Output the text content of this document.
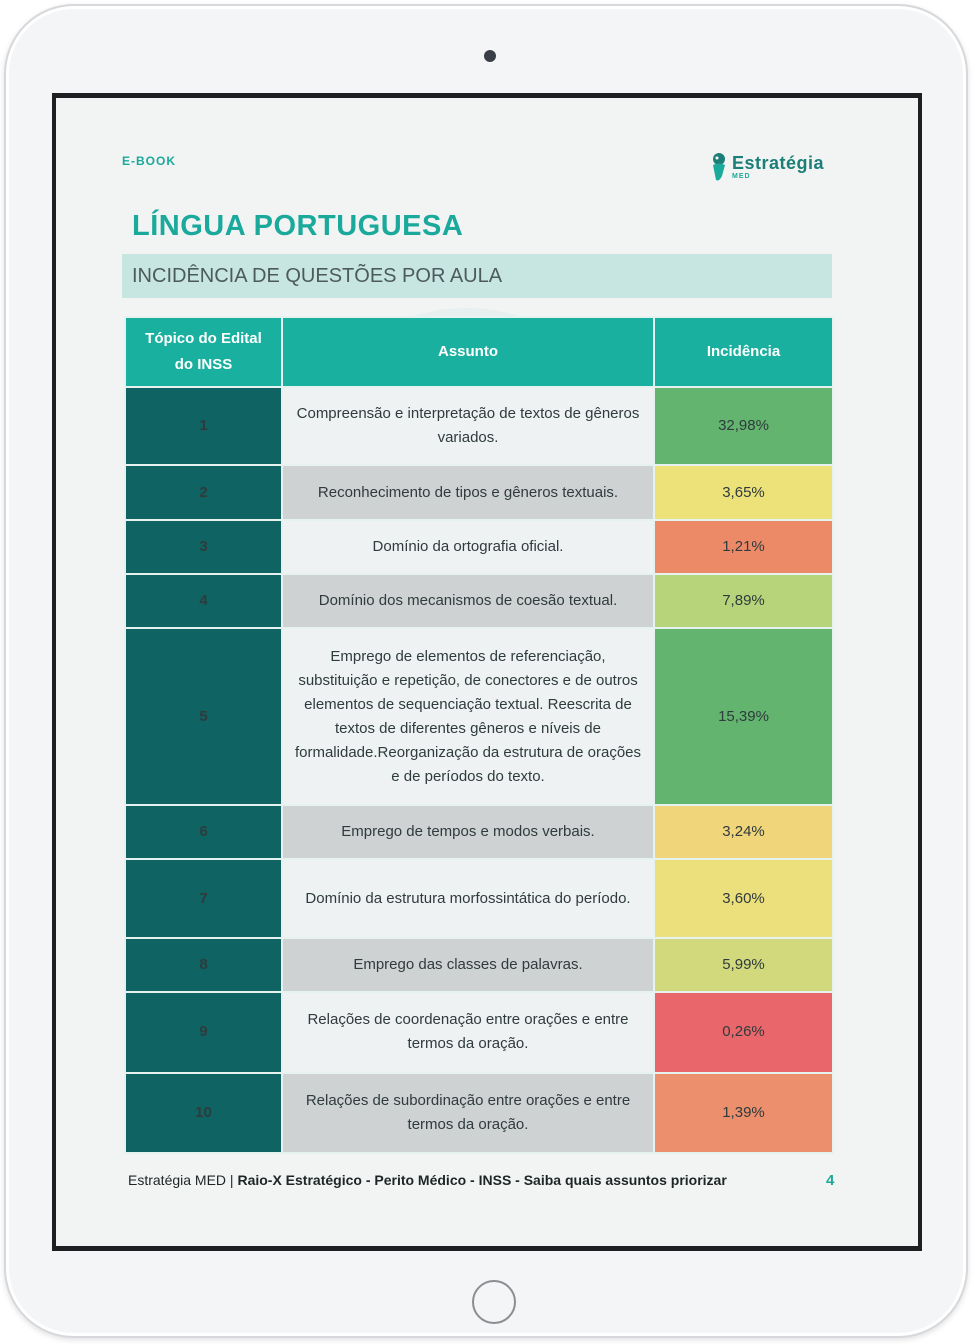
E-BOOK	Estratégia
MED
LÍNGUA PORTUGUESA
INCIDÊNCIA DE QUESTÕES POR AULA
Tópico do Edital do INSS	Assunto	Incidência
1	Compreensão e interpretação de textos de gêneros variados.	32,98%
2	Reconhecimento de tipos e gêneros textuais.	3,65%
3	Domínio da ortografia oficial.	1,21%
4	Domínio dos mecanismos de coesão textual.	7,89%
5	Emprego de elementos de referenciação, substituição e repetição, de conectores e de outros elementos de sequenciação textual. Reescrita de textos de diferentes gêneros e níveis de formalidade.Reorganização da estrutura de orações e de períodos do texto.	15,39%
6	Emprego de tempos e modos verbais.	3,24%
7	Domínio da estrutura morfossintática do período.	3,60%
8	Emprego das classes de palavras.	5,99%
9	Relações de coordenação entre orações e entre termos da oração.	0,26%
10	Relações de subordinação entre orações e entre termos da oração.	1,39%
Estratégia MED | Raio-X Estratégico - Perito Médico - INSS - Saiba quais assuntos priorizar	4
